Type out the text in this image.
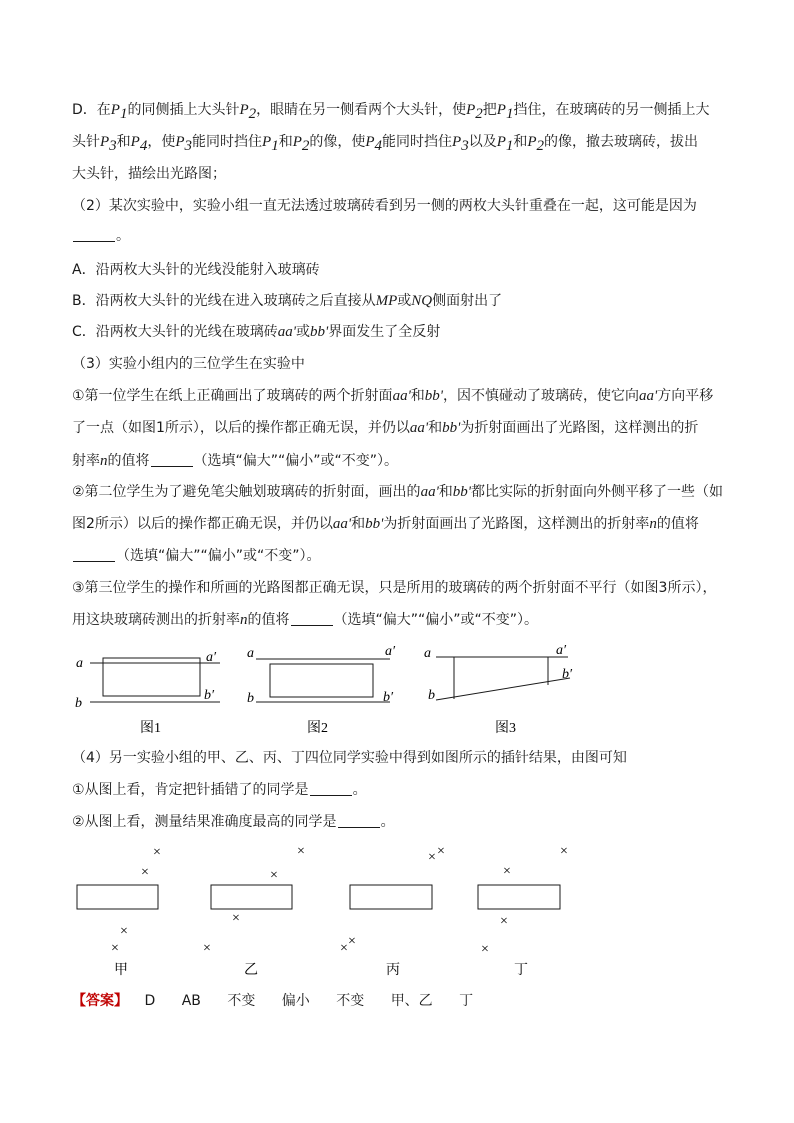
D．在$P_1$的同侧插上大头针$P_2$，眼睛在另一侧看两个大头针，使$P_2$把$P_1$挡住，在玻璃砖的另一侧插上大
头针$P_3$和$P_4$，使$P_3$能同时挡住$P_1$和$P_2$的像，使$P_4$能同时挡住$P_3$以及$P_1$和$P_2$的像，撤去玻璃砖，拔出
大头针，描绘出光路图；
（2）某次实验中，实验小组一直无法透过玻璃砖看到另一侧的两枚大头针重叠在一起，这可能是因为
。
A．沿两枚大头针的光线没能射入玻璃砖
B．沿两枚大头针的光线在进入玻璃砖之后直接从MP或NQ侧面射出了
C．沿两枚大头针的光线在玻璃砖aa'或bb'界面发生了全反射
（3）实验小组内的三位学生在实验中
①第一位学生在纸上正确画出了玻璃砖的两个折射面aa'和bb'，因不慎碰动了玻璃砖，使它向aa'方向平移
了一点（如图1所示），以后的操作都正确无误，并仍以aa'和bb'为折射面画出了光路图，这样测出的折
射率n的值将	（选填“偏大”“偏小”或“不变”）。
②第二位学生为了避免笔尖触划玻璃砖的折射面，画出的aa'和bb'都比实际的折射面向外侧平移了一些（如
图2所示）以后的操作都正确无误，并仍以aa'和bb'为折射面画出了光路图，这样测出的折射率n的值将
（选填“偏大”“偏小”或“不变”）。
③第三位学生的操作和所画的光路图都正确无误，只是所用的玻璃砖的两个折射面不平行（如图3所示），
用这块玻璃砖测出的折射率n的值将	（选填“偏大”“偏小”或“不变”）。
a	a′
b
b′
图1
a	a′
b	b′
图2
a	a′
b
b′
图3
（4）另一实验小组的甲、乙、丙、丁四位同学实验中得到如图所示的插针结果，由图可知
①从图上看，肯定把针插错了的同学是	。
②从图上看，测量结果准确度最高的同学是	。
×
×
×
×
×
×
×
×
×
×
×
×
×
×
×
×
甲	乙	丙	丁
【答案】 D AB 不变 偏小 不变 甲、乙 丁
